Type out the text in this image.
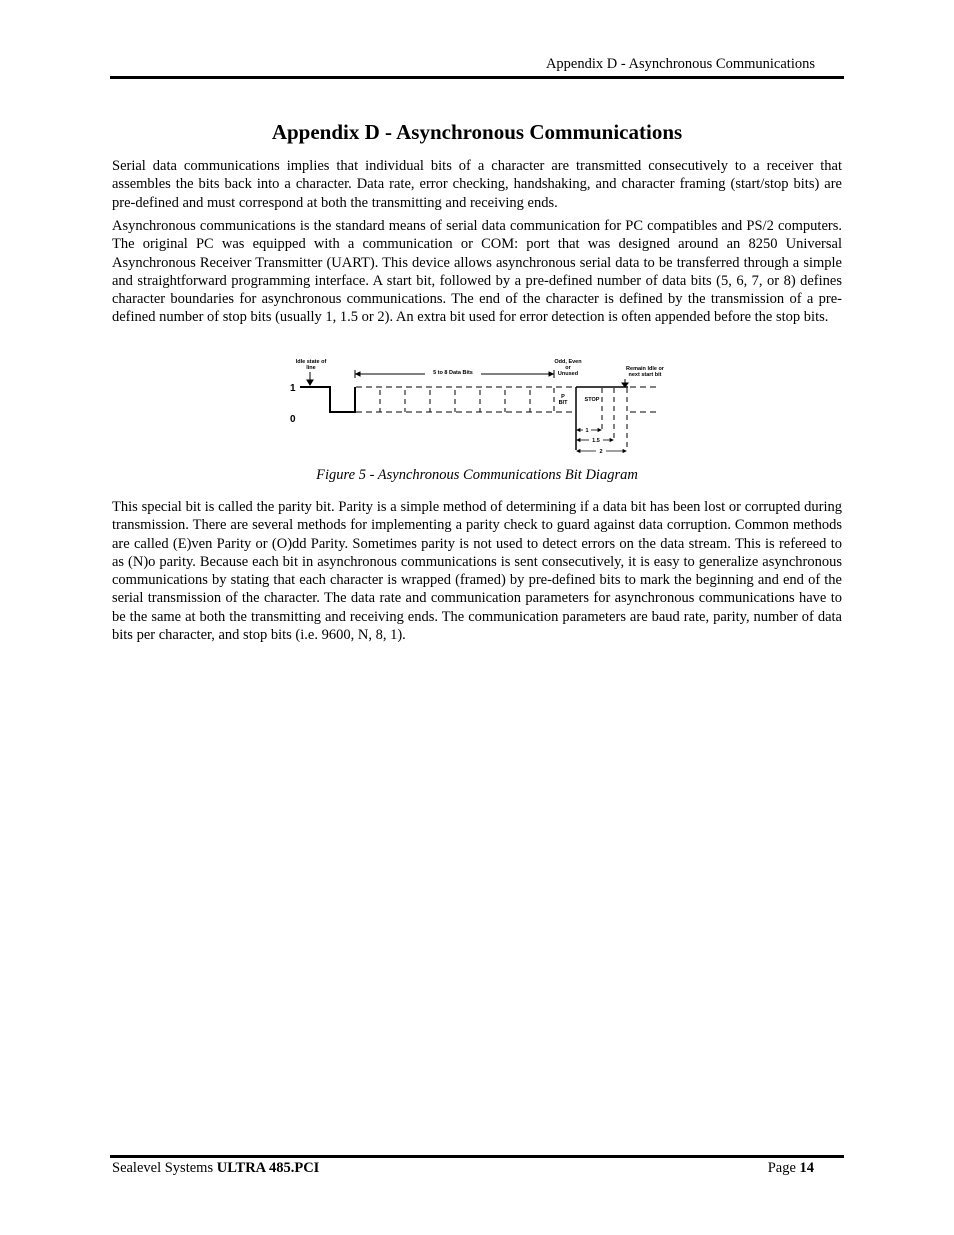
Appendix D - Asynchronous Communications
Appendix D - Asynchronous Communications

Serial data communications implies that individual bits of a character are transmitted consecutively to a receiver that assembles the bits back into a character. Data rate, error checking, handshaking, and character framing (start/stop bits) are pre-defined and must correspond at both the transmitting and receiving ends.

Asynchronous communications is the standard means of serial data communication for PC compatibles and PS/2 computers. The original PC was equipped with a communication or COM: port that was designed around an 8250 Universal Asynchronous Receiver Transmitter (UART). This device allows asynchronous serial data to be transferred through a simple and straightforward programming interface. A start bit, followed by a pre-defined number of data bits (5, 6, 7, or 8) defines character boundaries for asynchronous communications. The end of the character is defined by the transmission of a pre-defined number of stop bits (usually 1, 1.5 or 2). An extra bit used for error detection is often appended before the stop bits.

Idle state of
line
5 to 8 Data Bits
Odd, Even
or
Unused
Remain Idle or
next start bit
P
BIT	STOP
1
1.5
2
1
0
Figure 5 - Asynchronous Communications Bit Diagram

This special bit is called the parity bit. Parity is a simple method of determining if a data bit has been lost or corrupted during transmission. There are several methods for implementing a parity check to guard against data corruption. Common methods are called (E)ven Parity or (O)dd Parity. Sometimes parity is not used to detect errors on the data stream. This is refereed to as (N)o parity. Because each bit in asynchronous communications is sent consecutively, it is easy to generalize asynchronous communications by stating that each character is wrapped (framed) by pre-defined bits to mark the beginning and end of the serial transmission of the character. The data rate and communication parameters for asynchronous communications have to be the same at both the transmitting and receiving ends. The communication parameters are baud rate, parity, number of data bits per character, and stop bits (i.e. 9600, N, 8, 1).

Sealevel Systems ULTRA 485.PCI	Page 14
